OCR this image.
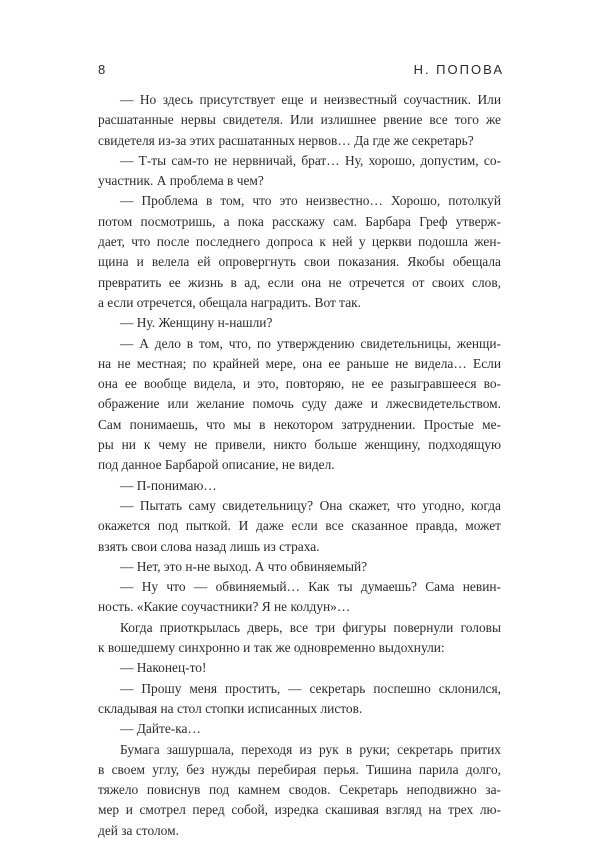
8	Н. ПОПОВА
— Но здесь присутствует еще и неизвестный соучастник. Или
расшатанные нервы свидетеля. Или излишнее рвение все того же
свидетеля из-за этих расшатанных нервов… Да где же секретарь?
— Т-ты сам-то не нервничай, брат… Ну, хорошо, допустим, со-
участник. А проблема в чем?
— Проблема в том, что это неизвестно… Хорошо, потолкуй
потом посмотришь, а пока расскажу сам. Барбара Греф утверж-
дает, что после последнего допроса к ней у церкви подошла жен-
щина и велела ей опровергнуть свои показания. Якобы обещала
превратить ее жизнь в ад, если она не отречется от своих слов,
а если отречется, обещала наградить. Вот так.
— Ну. Женщину н-нашли?
— А дело в том, что, по утверждению свидетельницы, женщи-
на не местная; по крайней мере, она ее раньше не видела… Если
она ее вообще видела, и это, повторяю, не ее разыгравшееся во-
ображение или желание помочь суду даже и лжесвидетельством.
Сам понимаешь, что мы в некотором затруднении. Простые ме-
ры ни к чему не привели, никто больше женщину, подходящую
под данное Барбарой описание, не видел.
— П-понимаю…
— Пытать саму свидетельницу? Она скажет, что угодно, когда
окажется под пыткой. И даже если все сказанное правда, может
взять свои слова назад лишь из страха.
— Нет, это н-не выход. А что обвиняемый?
— Ну что — обвиняемый… Как ты думаешь? Сама невин-
ность. «Какие соучастники? Я не колдун»…
Когда приоткрылась дверь, все три фигуры повернули головы
к вошедшему синхронно и так же одновременно выдохнули:
— Наконец-то!
— Прошу меня простить, — секретарь поспешно склонился,
складывая на стол стопки исписанных листов.
— Дайте-ка…
Бумага зашуршала, переходя из рук в руки; секретарь притих
в своем углу, без нужды перебирая перья. Тишина парила долго,
тяжело повиснув под камнем сводов. Секретарь неподвижно за-
мер и смотрел перед собой, изредка скашивая взгляд на трех лю-
дей за столом.
